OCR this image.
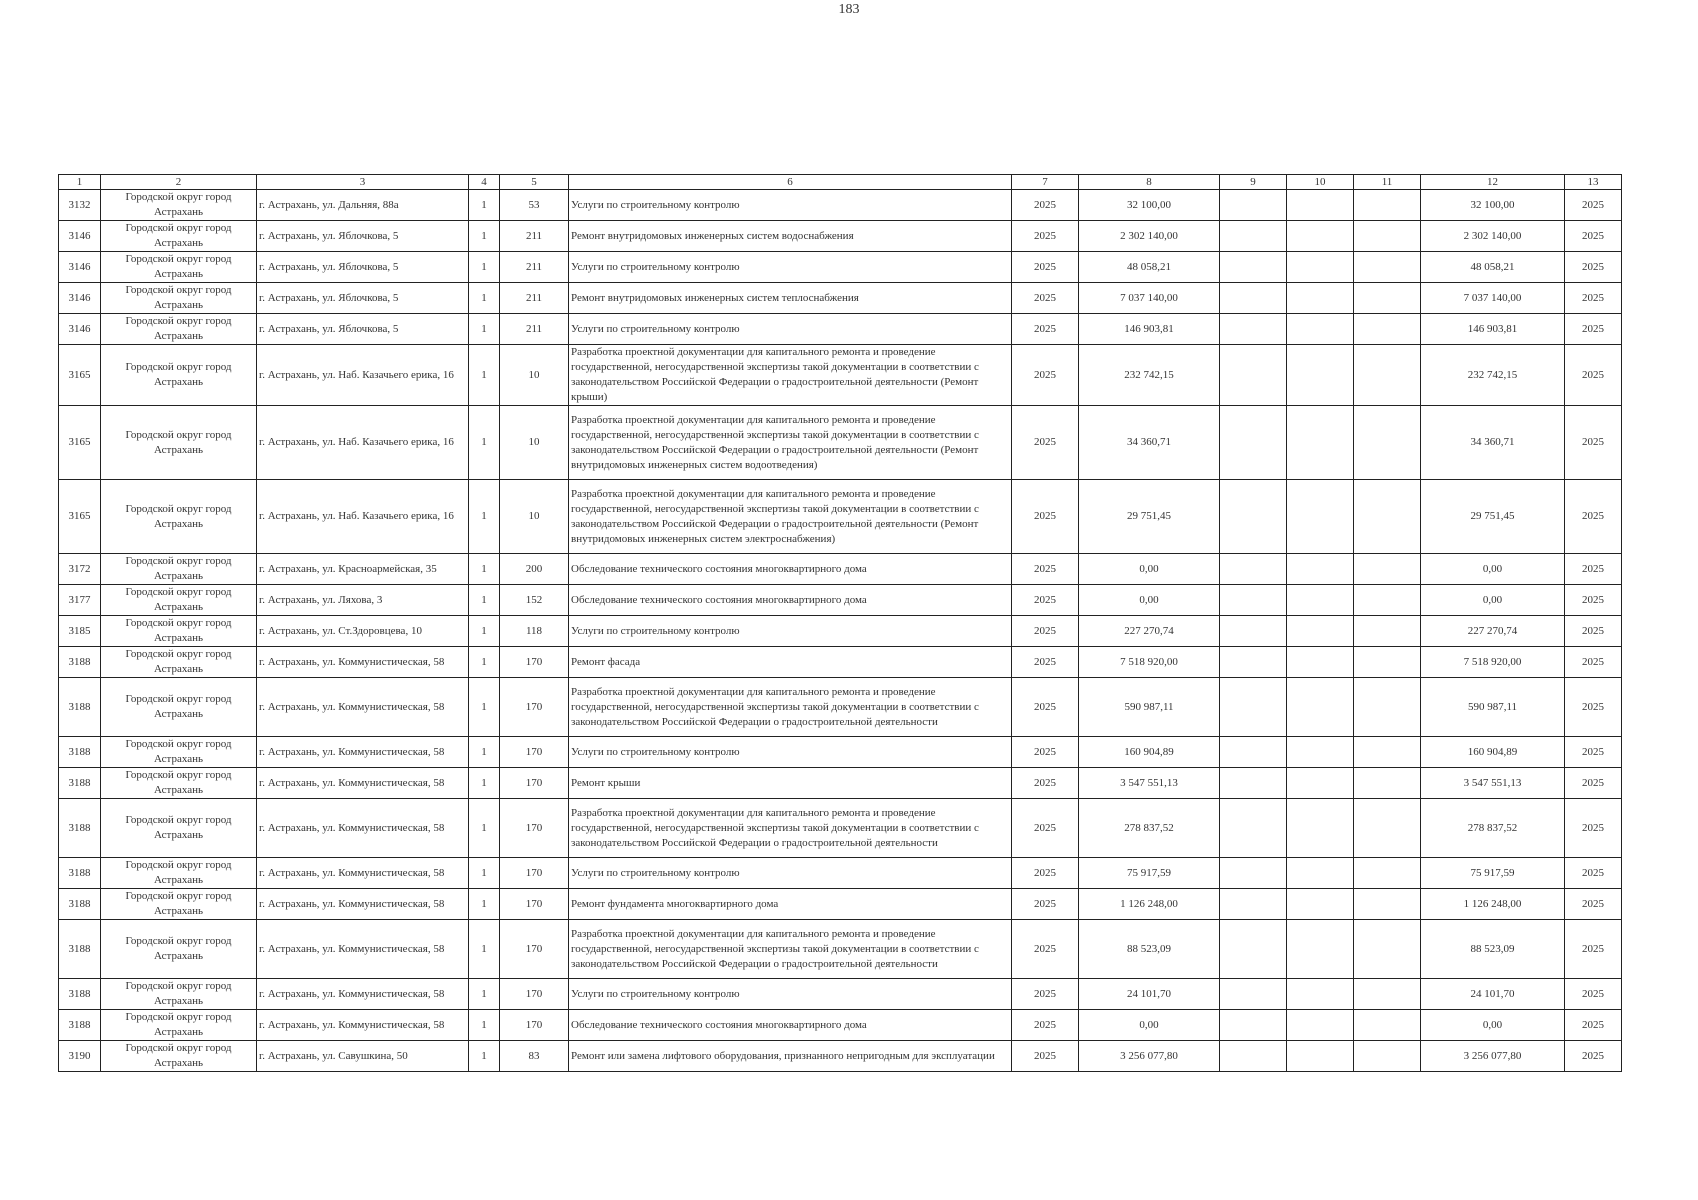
183
1	2	3	4	5	6	7	8	9	10	11	12	13
3132	Городской округ город Астрахань	г. Астрахань, ул. Дальняя, 88а	1	53	Услуги по строительному контролю	2025	32 100,00				32 100,00	2025
3146	Городской округ город Астрахань	г. Астрахань, ул. Яблочкова, 5	1	211	Ремонт внутридомовых инженерных систем водоснабжения	2025	2 302 140,00				2 302 140,00	2025
3146	Городской округ город Астрахань	г. Астрахань, ул. Яблочкова, 5	1	211	Услуги по строительному контролю	2025	48 058,21				48 058,21	2025
3146	Городской округ город Астрахань	г. Астрахань, ул. Яблочкова, 5	1	211	Ремонт внутридомовых инженерных систем теплоснабжения	2025	7 037 140,00				7 037 140,00	2025
3146	Городской округ город Астрахань	г. Астрахань, ул. Яблочкова, 5	1	211	Услуги по строительному контролю	2025	146 903,81				146 903,81	2025
3165	Городской округ город Астрахань	г. Астрахань, ул. Наб. Казачьего ерика, 16	1	10	Разработка проектной документации для капитального ремонта и проведение государственной, негосударственной экспертизы такой документации в соответствии с законодательством Российской Федерации о градостроительной деятельности (Ремонт крыши)	2025	232 742,15				232 742,15	2025
3165	Городской округ город Астрахань	г. Астрахань, ул. Наб. Казачьего ерика, 16	1	10	Разработка проектной документации для капитального ремонта и проведение государственной, негосударственной экспертизы такой документации в соответствии с законодательством Российской Федерации о градостроительной деятельности (Ремонт внутридомовых инженерных систем водоотведения)	2025	34 360,71				34 360,71	2025
3165	Городской округ город Астрахань	г. Астрахань, ул. Наб. Казачьего ерика, 16	1	10	Разработка проектной документации для капитального ремонта и проведение государственной, негосударственной экспертизы такой документации в соответствии с законодательством Российской Федерации о градостроительной деятельности (Ремонт внутридомовых инженерных систем электроснабжения)	2025	29 751,45				29 751,45	2025
3172	Городской округ город Астрахань	г. Астрахань, ул. Красноармейская, 35	1	200	Обследование технического состояния многоквартирного дома	2025	0,00				0,00	2025
3177	Городской округ город Астрахань	г. Астрахань, ул. Ляхова, 3	1	152	Обследование технического состояния многоквартирного дома	2025	0,00				0,00	2025
3185	Городской округ город Астрахань	г. Астрахань, ул. Ст.Здоровцева, 10	1	118	Услуги по строительному контролю	2025	227 270,74				227 270,74	2025
3188	Городской округ город Астрахань	г. Астрахань, ул. Коммунистическая, 58	1	170	Ремонт фасада	2025	7 518 920,00				7 518 920,00	2025
3188	Городской округ город Астрахань	г. Астрахань, ул. Коммунистическая, 58	1	170	Разработка проектной документации для капитального ремонта и проведение государственной, негосударственной экспертизы такой документации в соответствии с законодательством Российской Федерации о градостроительной деятельности	2025	590 987,11				590 987,11	2025
3188	Городской округ город Астрахань	г. Астрахань, ул. Коммунистическая, 58	1	170	Услуги по строительному контролю	2025	160 904,89				160 904,89	2025
3188	Городской округ город Астрахань	г. Астрахань, ул. Коммунистическая, 58	1	170	Ремонт крыши	2025	3 547 551,13				3 547 551,13	2025
3188	Городской округ город Астрахань	г. Астрахань, ул. Коммунистическая, 58	1	170	Разработка проектной документации для капитального ремонта и проведение государственной, негосударственной экспертизы такой документации в соответствии с законодательством Российской Федерации о градостроительной деятельности	2025	278 837,52				278 837,52	2025
3188	Городской округ город Астрахань	г. Астрахань, ул. Коммунистическая, 58	1	170	Услуги по строительному контролю	2025	75 917,59				75 917,59	2025
3188	Городской округ город Астрахань	г. Астрахань, ул. Коммунистическая, 58	1	170	Ремонт фундамента многоквартирного дома	2025	1 126 248,00				1 126 248,00	2025
3188	Городской округ город Астрахань	г. Астрахань, ул. Коммунистическая, 58	1	170	Разработка проектной документации для капитального ремонта и проведение государственной, негосударственной экспертизы такой документации в соответствии с законодательством Российской Федерации о градостроительной деятельности	2025	88 523,09				88 523,09	2025
3188	Городской округ город Астрахань	г. Астрахань, ул. Коммунистическая, 58	1	170	Услуги по строительному контролю	2025	24 101,70				24 101,70	2025
3188	Городской округ город Астрахань	г. Астрахань, ул. Коммунистическая, 58	1	170	Обследование технического состояния многоквартирного дома	2025	0,00				0,00	2025
3190	Городской округ город Астрахань	г. Астрахань, ул. Савушкина, 50	1	83	Ремонт или замена лифтового оборудования, признанного непригодным для эксплуатации	2025	3 256 077,80				3 256 077,80	2025
